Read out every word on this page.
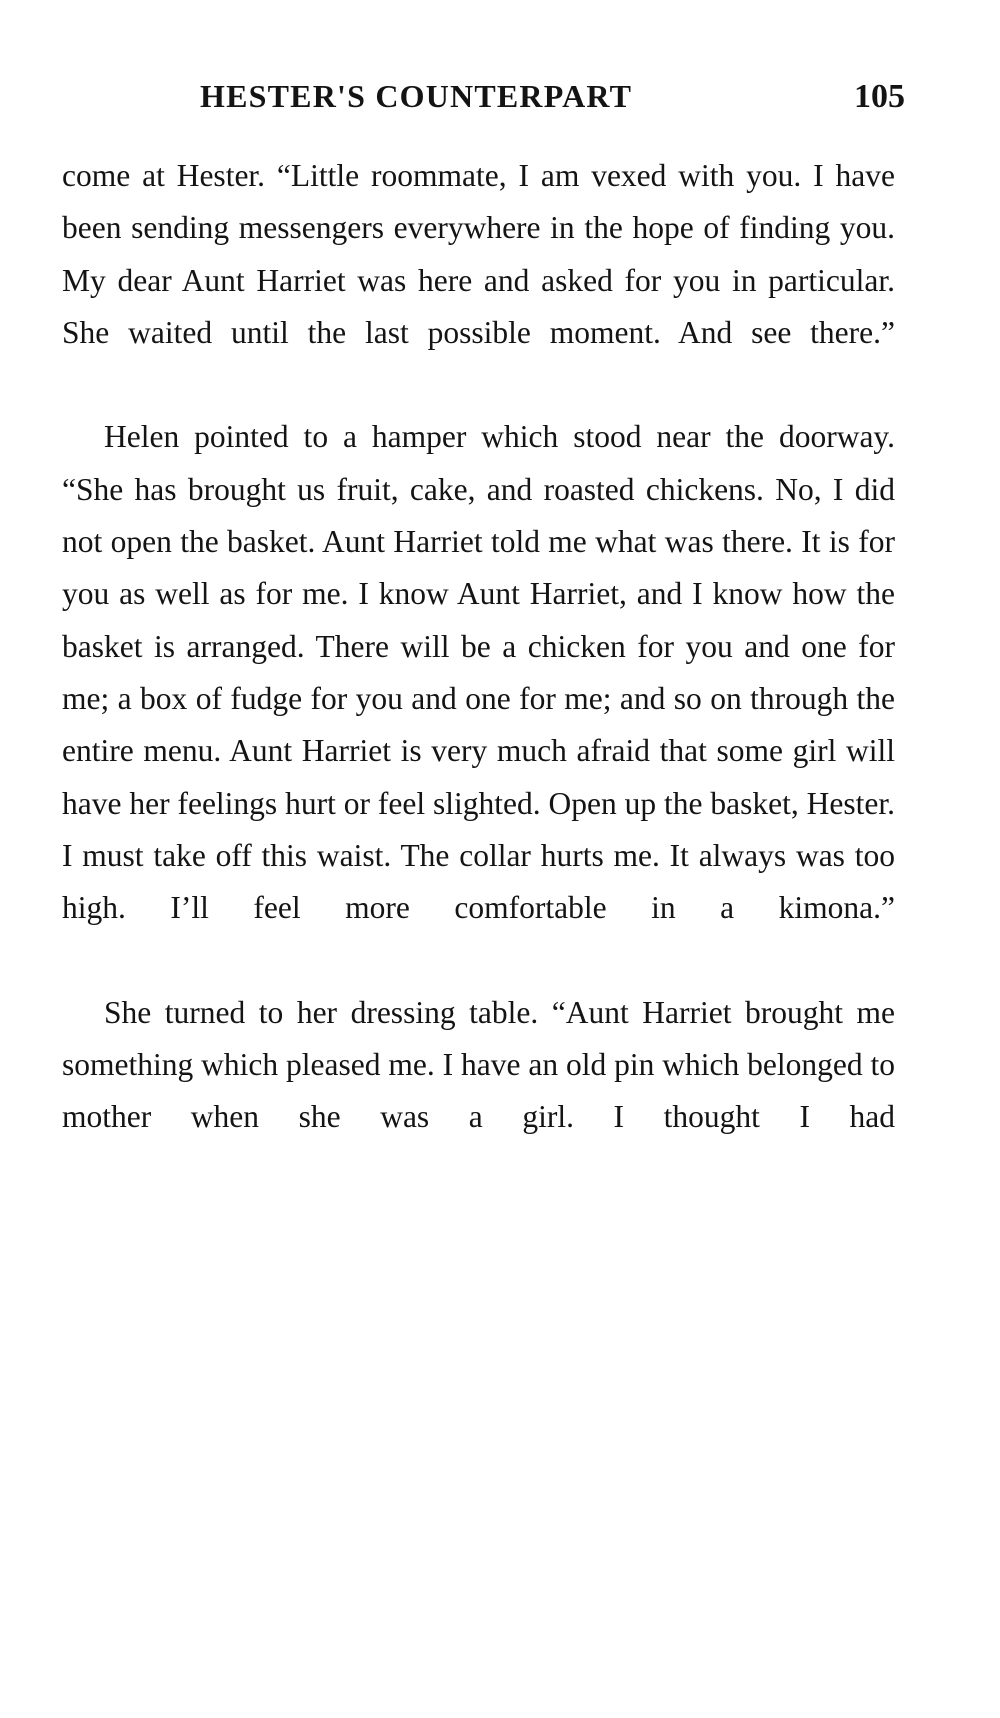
HESTER'S COUNTERPART	105

come at Hester. “Little roommate, I am vexed with you. I have been sending messengers everywhere in the hope of finding you. My dear Aunt Harriet was here and asked for you in particular. She waited until the last possible moment. And see there.”

Helen pointed to a hamper which stood near the doorway. “She has brought us fruit, cake, and roasted chickens. No, I did not open the basket. Aunt Harriet told me what was there. It is for you as well as for me. I know Aunt Harriet, and I know how the basket is arranged. There will be a chicken for you and one for me; a box of fudge for you and one for me; and so on through the entire menu. Aunt Harriet is very much afraid that some girl will have her feelings hurt or feel slighted. Open up the basket, Hester. I must take off this waist. The collar hurts me. It always was too high. I’ll feel more comfortable in a kimona.”

She turned to her dressing table. “Aunt Harriet brought me something which pleased me. I have an old pin which belonged to mother when she was a girl. I thought I had
